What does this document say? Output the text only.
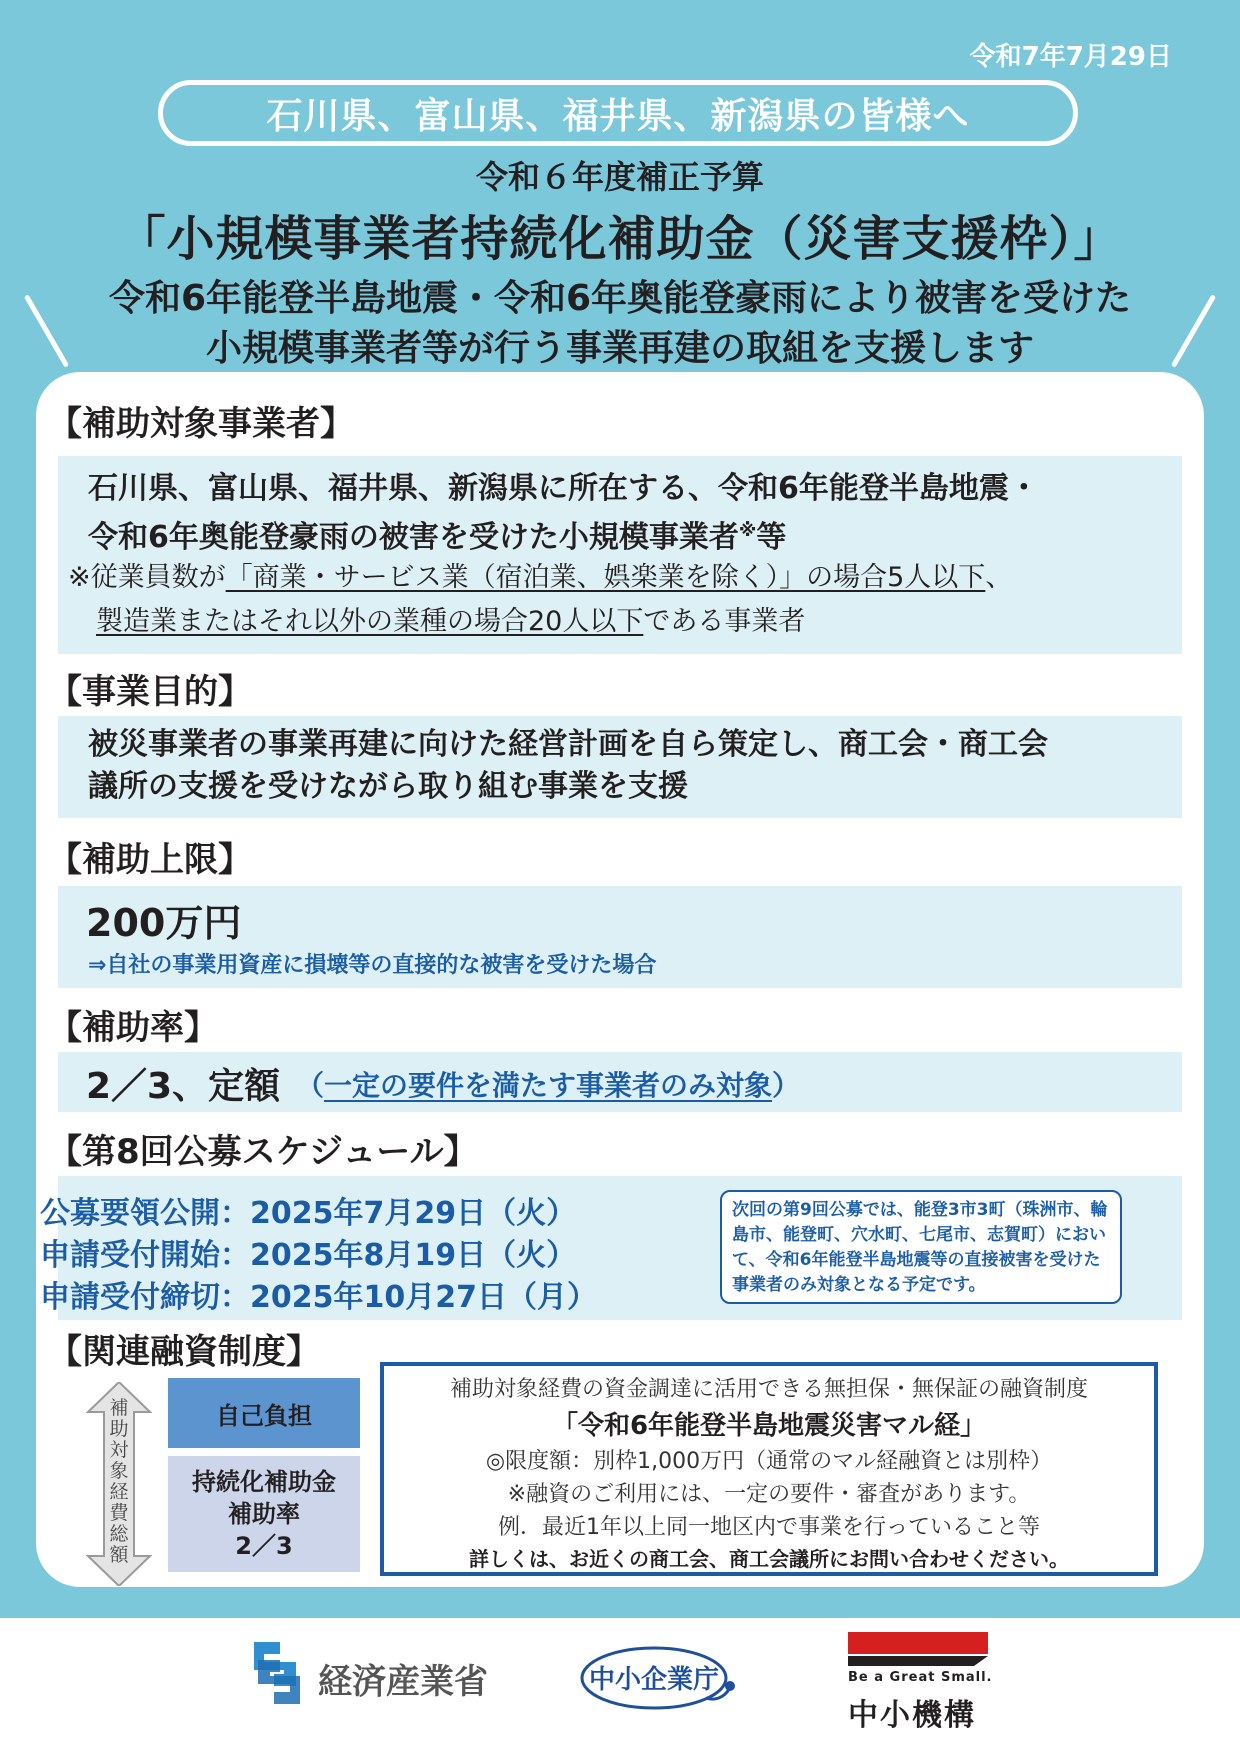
令和7年7月29日
石川県、富山県、福井県、新潟県の皆様へ
令和６年度補正予算
「小規模事業者持続化補助金（災害支援枠）」
令和6年能登半島地震・令和6年奥能登豪雨により被害を受けた
小規模事業者等が行う事業再建の取組を支援します
【補助対象事業者】
石川県、富山県、福井県、新潟県に所在する、令和6年能登半島地震・
令和6年奥能登豪雨の被害を受けた小規模事業者※等
※従業員数が「商業・サービス業（宿泊業、娯楽業を除く）」の場合5人以下、
製造業またはそれ以外の業種の場合20人以下である事業者
【事業目的】
被災事業者の事業再建に向けた経営計画を自ら策定し、商工会・商工会
議所の支援を受けながら取り組む事業を支援
【補助上限】
200万円
⇒自社の事業用資産に損壊等の直接的な被害を受けた場合
【補助率】
2／3、定額 （一定の要件を満たす事業者のみ対象）
【第8回公募スケジュール】
公募要領公開：2025年7月29日（火）
申請受付開始：2025年8月19日（火）
申請受付締切：2025年10月27日（月）
次回の第9回公募では、能登3市3町（珠洲市、輪島市、能登町、穴水町、七尾市、志賀町）において、令和6年能登半島地震等の直接被害を受けた事業者のみ対象となる予定です。
【関連融資制度】
補助対象経費総額
自己負担
持続化補助金
補助率
2／3
補助対象経費の資金調達に活用できる無担保・無保証の融資制度
「令和6年能登半島地震災害マル経」
◎限度額：別枠1,000万円（通常のマル経融資とは別枠）
※融資のご利用には、一定の要件・審査があります。
例．最近1年以上同一地区内で事業を行っていること等
詳しくは、お近くの商工会、商工会議所にお問い合わせください。
経済産業省	中小企業庁	Be a Great Small.
中小機構
